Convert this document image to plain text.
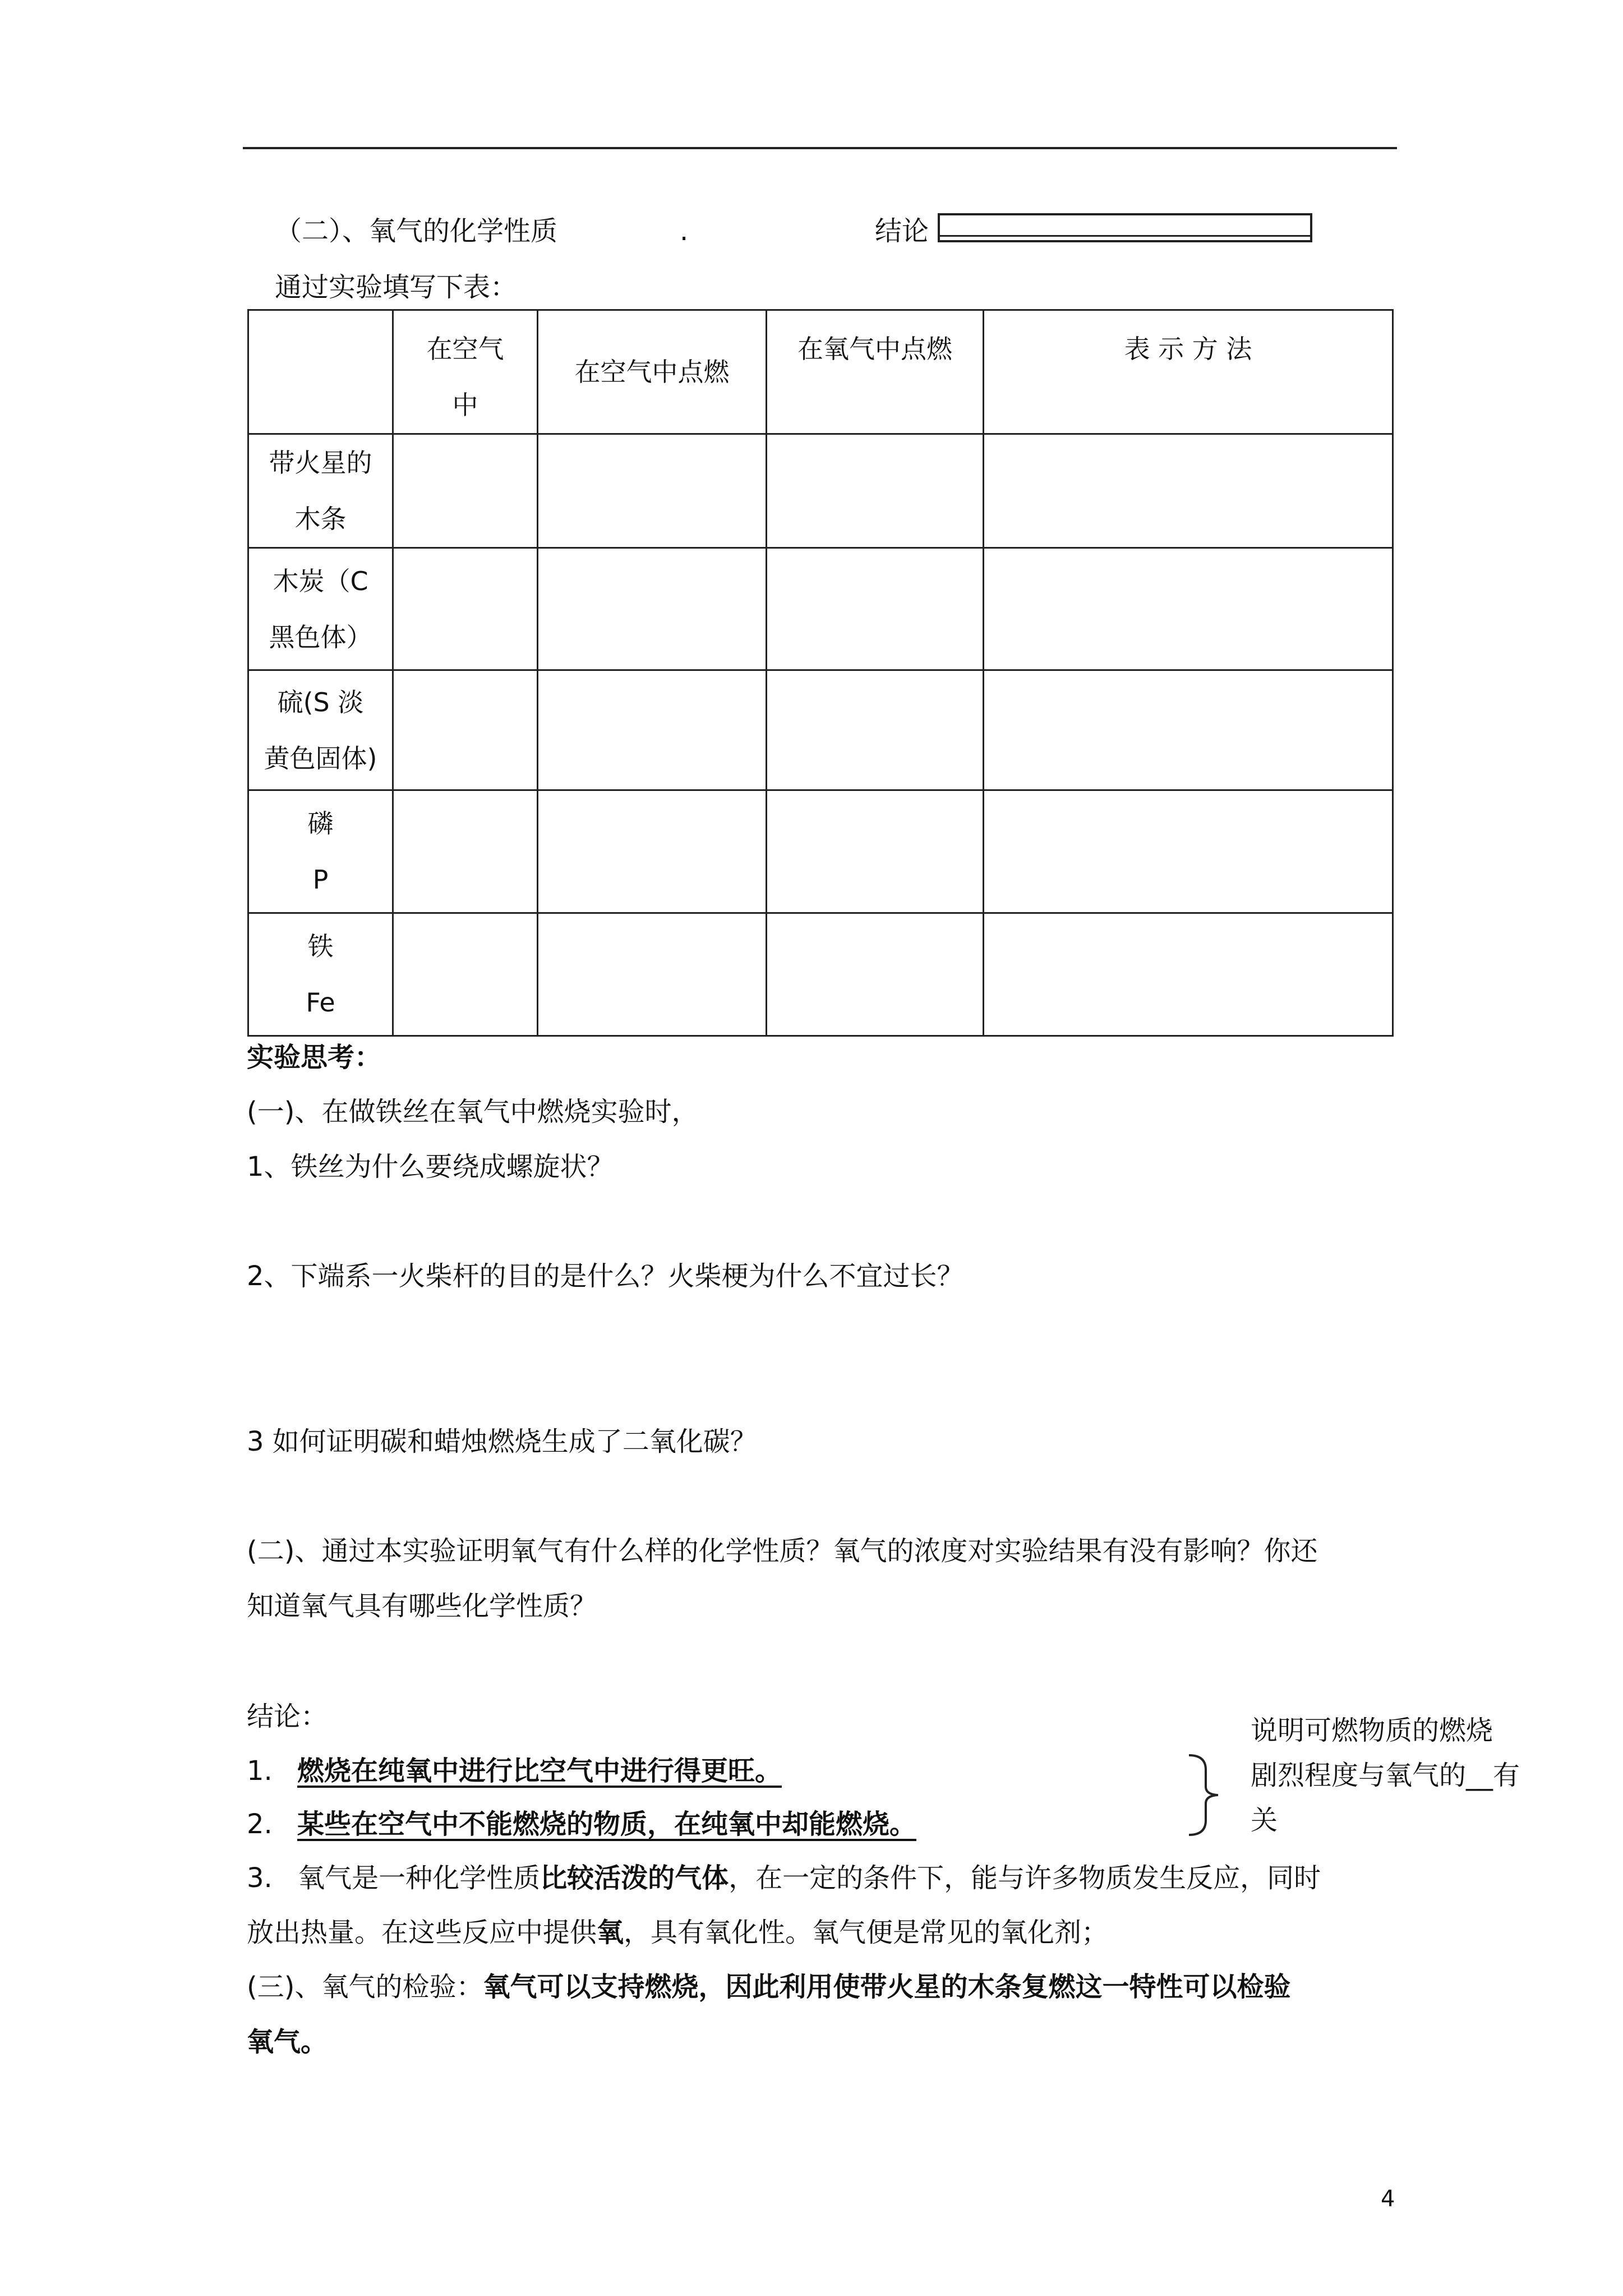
（二）、氧气的化学性质	.	结论
通过实验填写下表：

	在空气
中	在空气中点燃	在氧气中点燃	表 示 方 法

带火星的
木条				

木炭（C
黑色体）				

硫(S 淡
黄色固体)				

磷
P				

铁
Fe				

实验思考：
(一)、在做铁丝在氧气中燃烧实验时，
1、铁丝为什么要绕成螺旋状？
2、下端系一火柴杆的目的是什么？火柴梗为什么不宜过长？
3 如何证明碳和蜡烛燃烧生成了二氧化碳？
(二)、通过本实验证明氧气有什么样的化学性质？氧气的浓度对实验结果有没有影响？你还
知道氧气具有哪些化学性质？
结论：
1. 燃烧在纯氧中进行比空气中进行得更旺。
2. 某些在空气中不能燃烧的物质，在纯氧中却能燃烧。
说明可燃物质的燃烧
剧烈程度与氧气的__有
关
3. 氧气是一种化学性质比较活泼的气体，在一定的条件下，能与许多物质发生反应，同时
放出热量。在这些反应中提供氧，具有氧化性。氧气便是常见的氧化剂；
(三)、氧气的检验：氧气可以支持燃烧，因此利用使带火星的木条复燃这一特性可以检验
氧气。
4
